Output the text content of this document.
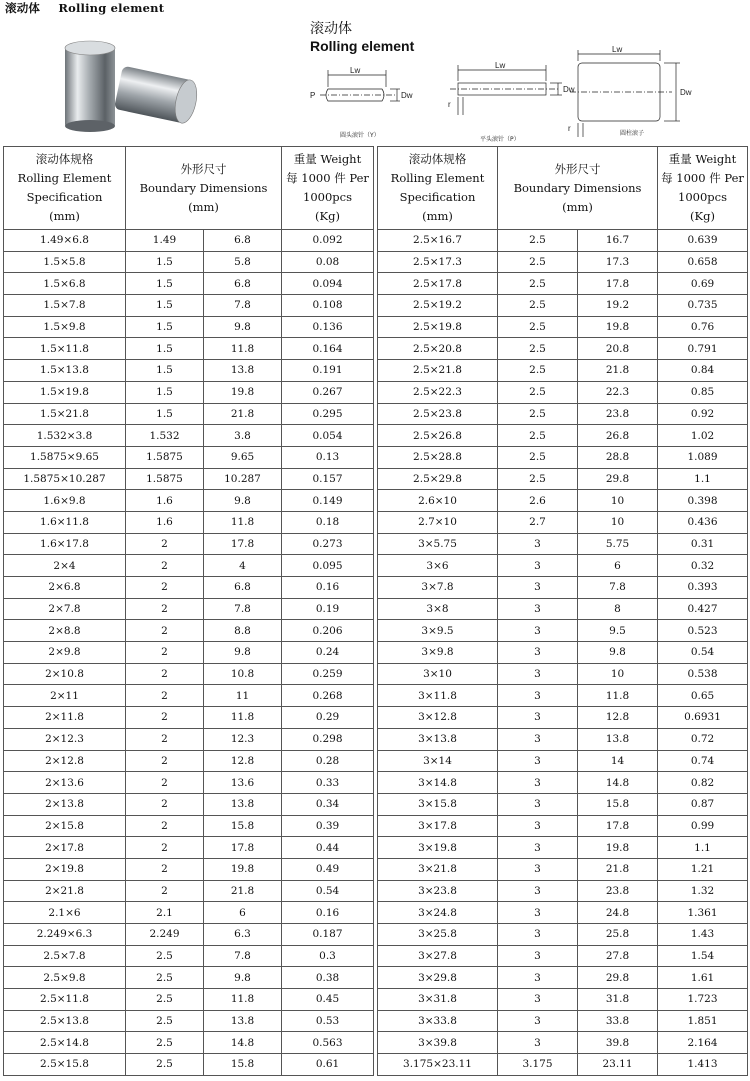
滚动体 Rolling element
滚动体
Rolling element
Lw
Dw
P
圆头滚针（Y）
Lw
Dw
r
平头滚针（P）
Lw
Dw
r
圆柱滚子
滚动体规格
Rolling Element
Specification
(mm)	外形尺寸
Boundary Dimensions
(mm)		重量 Weight
每 1000 件 Per
1000pcs
(Kg)

1.49×6.8	1.49	6.8	0.092
1.5×5.8	1.5	5.8	0.08
1.5×6.8	1.5	6.8	0.094
1.5×7.8	1.5	7.8	0.108
1.5×9.8	1.5	9.8	0.136
1.5×11.8	1.5	11.8	0.164
1.5×13.8	1.5	13.8	0.191
1.5×19.8	1.5	19.8	0.267
1.5×21.8	1.5	21.8	0.295
1.532×3.8	1.532	3.8	0.054
1.5875×9.65	1.5875	9.65	0.13
1.5875×10.287	1.5875	10.287	0.157
1.6×9.8	1.6	9.8	0.149
1.6×11.8	1.6	11.8	0.18
1.6×17.8	2	17.8	0.273
2×4	2	4	0.095
2×6.8	2	6.8	0.16
2×7.8	2	7.8	0.19
2×8.8	2	8.8	0.206
2×9.8	2	9.8	0.24
2×10.8	2	10.8	0.259
2×11	2	11	0.268
2×11.8	2	11.8	0.29
2×12.3	2	12.3	0.298
2×12.8	2	12.8	0.28
2×13.6	2	13.6	0.33
2×13.8	2	13.8	0.34
2×15.8	2	15.8	0.39
2×17.8	2	17.8	0.44
2×19.8	2	19.8	0.49
2×21.8	2	21.8	0.54
2.1×6	2.1	6	0.16
2.249×6.3	2.249	6.3	0.187
2.5×7.8	2.5	7.8	0.3
2.5×9.8	2.5	9.8	0.38
2.5×11.8	2.5	11.8	0.45
2.5×13.8	2.5	13.8	0.53
2.5×14.8	2.5	14.8	0.563
2.5×15.8	2.5	15.8	0.61
滚动体规格
Rolling Element
Specification
(mm)	外形尺寸
Boundary Dimensions
(mm)		重量 Weight
每 1000 件 Per
1000pcs
(Kg)

2.5×16.7	2.5	16.7	0.639
2.5×17.3	2.5	17.3	0.658
2.5×17.8	2.5	17.8	0.69
2.5×19.2	2.5	19.2	0.735
2.5×19.8	2.5	19.8	0.76
2.5×20.8	2.5	20.8	0.791
2.5×21.8	2.5	21.8	0.84
2.5×22.3	2.5	22.3	0.85
2.5×23.8	2.5	23.8	0.92
2.5×26.8	2.5	26.8	1.02
2.5×28.8	2.5	28.8	1.089
2.5×29.8	2.5	29.8	1.1
2.6×10	2.6	10	0.398
2.7×10	2.7	10	0.436
3×5.75	3	5.75	0.31
3×6	3	6	0.32
3×7.8	3	7.8	0.393
3×8	3	8	0.427
3×9.5	3	9.5	0.523
3×9.8	3	9.8	0.54
3×10	3	10	0.538
3×11.8	3	11.8	0.65
3×12.8	3	12.8	0.6931
3×13.8	3	13.8	0.72
3×14	3	14	0.74
3×14.8	3	14.8	0.82
3×15.8	3	15.8	0.87
3×17.8	3	17.8	0.99
3×19.8	3	19.8	1.1
3×21.8	3	21.8	1.21
3×23.8	3	23.8	1.32
3×24.8	3	24.8	1.361
3×25.8	3	25.8	1.43
3×27.8	3	27.8	1.54
3×29.8	3	29.8	1.61
3×31.8	3	31.8	1.723
3×33.8	3	33.8	1.851
3×39.8	3	39.8	2.164
3.175×23.11	3.175	23.11	1.413
